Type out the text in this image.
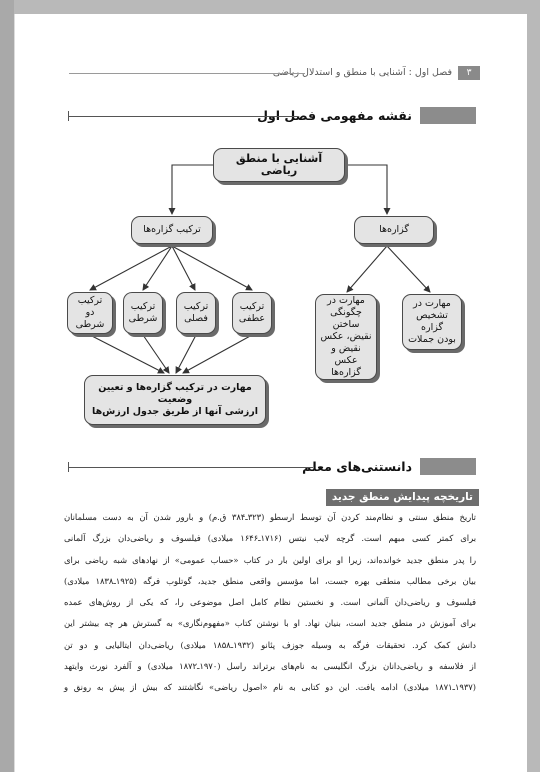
۳
فصل اول : آشنایی با منطق و استدلال ریاضی
نقشه مفهومی فصل اول
آشنایی با منطق ریاضی
ترکیب گزاره‌ها	گزاره‌ها
ترکیب
دو شرطی
ترکیب
شرطی
ترکیب
فصلی
ترکیب
عطفی
مهارت در
چگونگی ساختن
نقیض، عکس
نقیض و عکس
گزاره‌ها
مهارت در
تشخیص گزاره
بودن جملات
مهارت در ترکیب گزاره‌ها و تعیین وضعیت
ارزشی آنها از طریق جدول ارزش‌ها
دانستنی‌های معلم
تاریخچه پیدایش منطق جدید

تاریخ منطق سنتی و نظام‌مند کردن آن توسط ارسطو (۳۲۳ـ۳۸۴ ق.م) و بارور شدن آن به دست مسلمانان

برای کمتر کسی مبهم است. گرچه لایب نیتس (۱۷۱۶ـ۱۶۴۶ میلادی) فیلسوف و ریاضی‌دان بزرگ آلمانی

را پدر منطق جدید خوانده‌اند، زیرا او برای اولین بار در کتاب «حساب عمومی» از نهادهای شبه ریاضی برای

بیان برخی مطالب منطقی بهره جست، اما مؤسس واقعی منطق جدید، گوتلوب فرگه (۱۹۲۵ـ۱۸۳۸ میلادی)

فیلسوف و ریاضی‌دان آلمانی است. و نخستین نظام کامل اصل موضوعی را، که یکی از روش‌های عمده

برای آموزش در منطق جدید است، بنیان نهاد. او با نوشتن کتاب «مفهوم‌نگاری» به گسترش هر چه بیشتر این

دانش کمک کرد. تحقیقات فرگه به وسیله جوزف پئانو (۱۹۳۲ـ۱۸۵۸ میلادی) ریاضی‌دان ایتالیایی و دو تن

از فلاسفه و ریاضی‌دانان بزرگ انگلیسی به نام‌های برتراند راسل (۱۹۷۰ـ۱۸۷۲ میلادی) و آلفرد نورث وایتهد

(۱۹۳۷ـ۱۸۷۱ میلادی) ادامه یافت. این دو کتابی به نام «اصول ریاضی» نگاشتند که بیش از پیش به رونق و
